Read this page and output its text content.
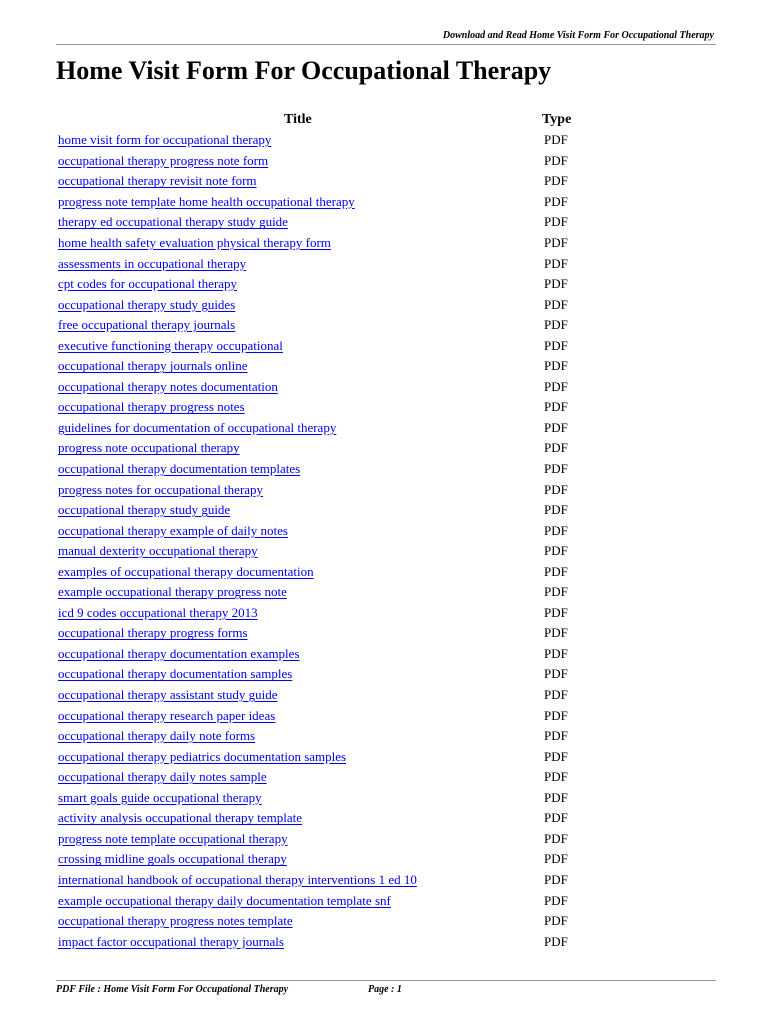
Download and Read Home Visit Form For Occupational Therapy
Home Visit Form For Occupational Therapy
Title	Type
home visit form for occupational therapy	PDF
occupational therapy progress note form	PDF
occupational therapy revisit note form	PDF
progress note template home health occupational therapy	PDF
therapy ed occupational therapy study guide	PDF
home health safety evaluation physical therapy form	PDF
assessments in occupational therapy	PDF
cpt codes for occupational therapy	PDF
occupational therapy study guides	PDF
free occupational therapy journals	PDF
executive functioning therapy occupational	PDF
occupational therapy journals online	PDF
occupational therapy notes documentation	PDF
occupational therapy progress notes	PDF
guidelines for documentation of occupational therapy	PDF
progress note occupational therapy	PDF
occupational therapy documentation templates	PDF
progress notes for occupational therapy	PDF
occupational therapy study guide	PDF
occupational therapy example of daily notes	PDF
manual dexterity occupational therapy	PDF
examples of occupational therapy documentation	PDF
example occupational therapy progress note	PDF
icd 9 codes occupational therapy 2013	PDF
occupational therapy progress forms	PDF
occupational therapy documentation examples	PDF
occupational therapy documentation samples	PDF
occupational therapy assistant study guide	PDF
occupational therapy research paper ideas	PDF
occupational therapy daily note forms	PDF
occupational therapy pediatrics documentation samples	PDF
occupational therapy daily notes sample	PDF
smart goals guide occupational therapy	PDF
activity analysis occupational therapy template	PDF
progress note template occupational therapy	PDF
crossing midline goals occupational therapy	PDF
international handbook of occupational therapy interventions 1 ed 10	PDF
example occupational therapy daily documentation template snf	PDF
occupational therapy progress notes template	PDF
impact factor occupational therapy journals	PDF
PDF File : Home Visit Form For Occupational Therapy	Page : 1
